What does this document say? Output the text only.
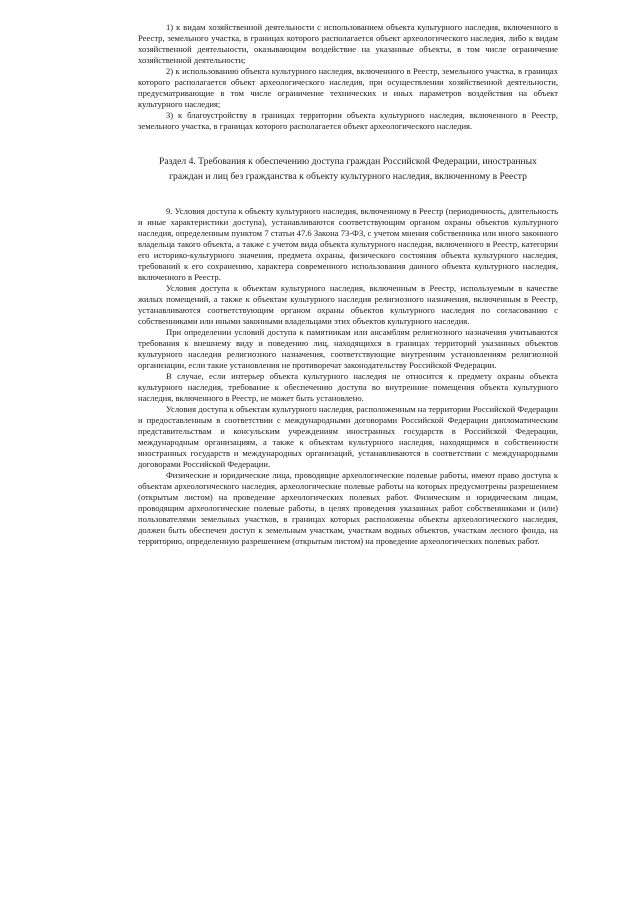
1) к видам хозяйственной деятельности с использованием объекта культурного наследия, включенного в Реестр, земельного участка, в границах которого располагается объект археологического наследия, либо к видам хозяйственной деятельности, оказывающим воздействие на указанные объекты, в том числе ограничение хозяйственной деятельности;

2) к использованию объекта культурного наследия, включенного в Реестр, земельного участка, в границах которого располагается объект археологического наследия, при осуществлении хозяйственной деятельности, предусматривающие в том числе ограничение технических и иных параметров воздействия на объект культурного наследия;

3) к благоустройству в границах территории объекта культурного наследия, включенного в Реестр, земельного участка, в границах которого располагается объект археологического наследия.

Раздел 4. Требования к обеспечению доступа граждан Российской Федерации, иностранных граждан и лиц без гражданства к объекту культурного наследия, включенному в Реестр

9. Условия доступа к объекту культурного наследия, включенному в Реестр (периодичность, длительность и иные характеристики доступа), устанавливаются соответствующим органом охраны объектов культурного наследия, определенным пунктом 7 статьи 47.6 Закона 73-ФЗ, с учетом мнения собственника или иного законного владельца такого объекта, а также с учетом вида объекта культурного наследия, включенного в Реестр, категории его историко-культурного значения, предмета охраны, физического состояния объекта культурного наследия, требований к его сохранению, характера современного использования данного объекта культурного наследия, включенного в Реестр.

Условия доступа к объектам культурного наследия, включенным в Реестр, используемым в качестве жилых помещений, а также к объектам культурного наследия религиозного назначения, включенным в Реестр, устанавливаются соответствующим органом охраны объектов культурного наследия по согласованию с собственниками или иными законными владельцами этих объектов культурного наследия.

При определении условий доступа к памятникам или ансамблям религиозного назначения учитываются требования к внешнему виду и поведению лиц, находящихся в границах территорий указанных объектов культурного наследия религиозного назначения, соответствующие внутренним установлениям религиозной организации, если такие установления не противоречат законодательству Российской Федерации.

В случае, если интерьер объекта культурного наследия не относится к предмету охраны объекта культурного наследия, требование к обеспечению доступа во внутренние помещения объекта культурного наследия, включенного в Реестр, не может быть установлено.

Условия доступа к объектам культурного наследия, расположенным на территории Российской Федерации и предоставленным в соответствии с международными договорами Российской Федерации дипломатическим представительствам и консульским учреждениям иностранных государств в Российской Федерации, международным организациям, а также к объектам культурного наследия, находящимся в собственности иностранных государств и международных организаций, устанавливаются в соответствии с международными договорами Российской Федерации.

Физические и юридические лица, проводящие археологические полевые работы, имеют право доступа к объектам археологического наследия, археологические полевые работы на которых предусмотрены разрешением (открытым листом) на проведение археологических полевых работ. Физическим и юридическим лицам, проводящим археологические полевые работы, в целях проведения указанных работ собственниками и (или) пользователями земельных участков, в границах которых расположены объекты археологического наследия, должен быть обеспечен доступ к земельным участкам, участкам водных объектов, участкам лесного фонда, на территорию, определенную разрешением (открытым листом) на проведение археологических полевых работ.
